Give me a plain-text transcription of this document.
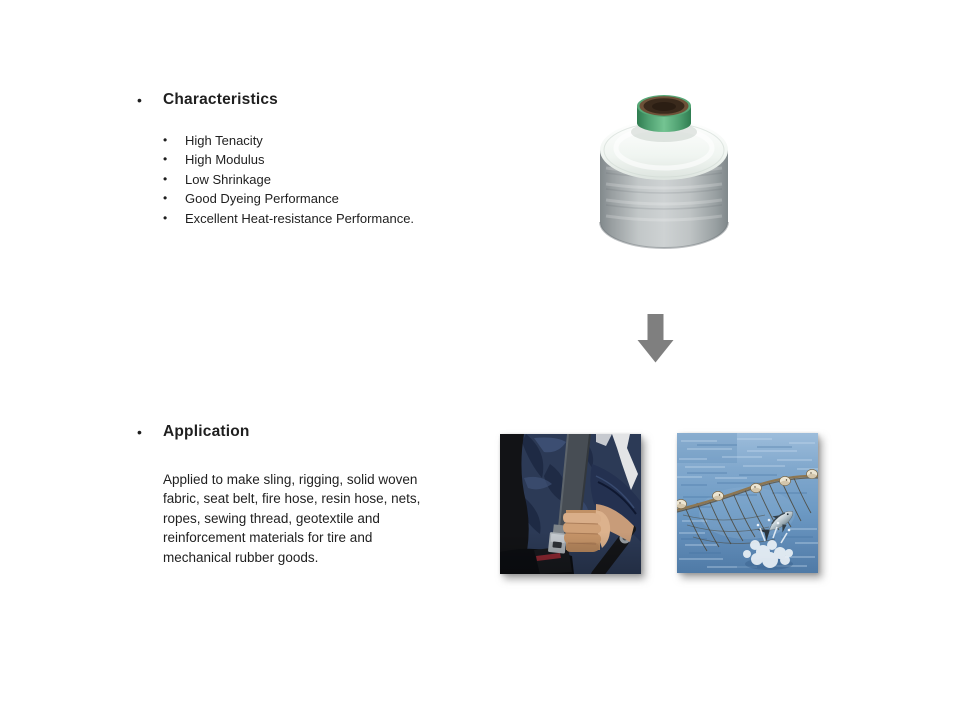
•	Characteristics
•	High Tenacity
•	High Modulus
•	Low Shrinkage
•	Good Dyeing Performance
•	Excellent Heat-resistance Performance.
•	Application
Applied to make sling, rigging, solid woven
fabric, seat belt, fire hose, resin hose, nets,
ropes, sewing thread, geotextile and
reinforcement materials for tire and
mechanical rubber goods.
